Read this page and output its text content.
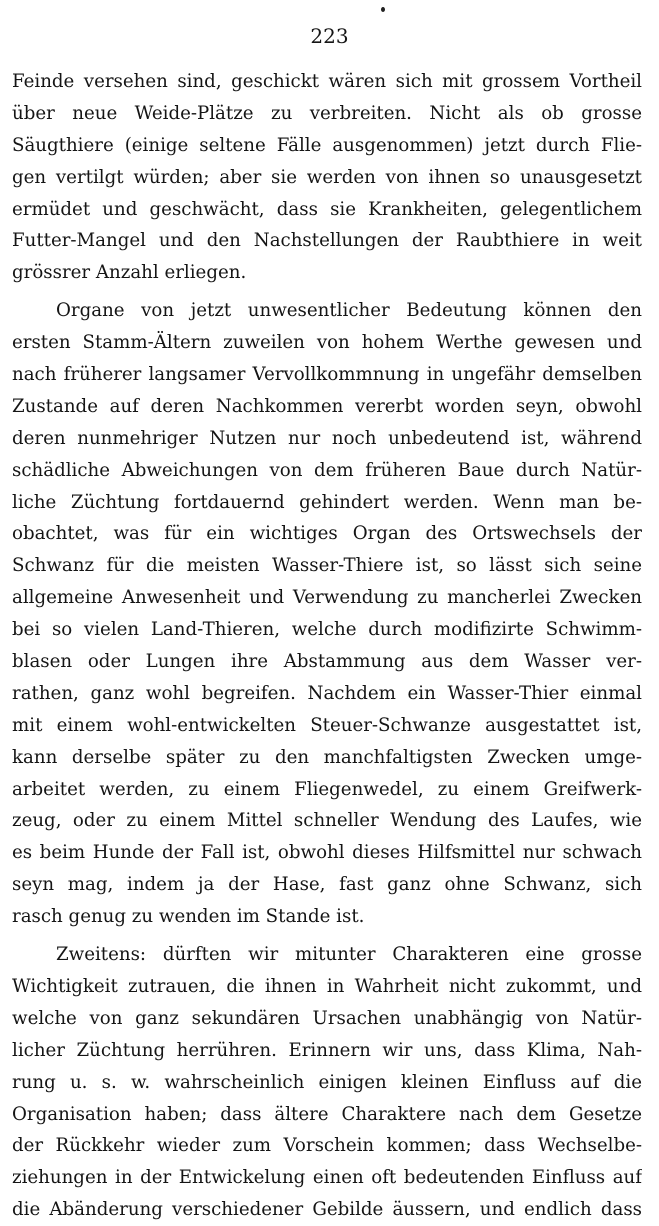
223
Feinde versehen sind, geschickt wären sich mit grossem Vortheil
über neue Weide-Plätze zu verbreiten. Nicht als ob grosse
Säugthiere (einige seltene Fälle ausgenommen) jetzt durch Flie-
gen vertilgt würden; aber sie werden von ihnen so unausgesetzt
ermüdet und geschwächt, dass sie Krankheiten, gelegentlichem
Futter-Mangel und den Nachstellungen der Raubthiere in weit
grössrer Anzahl erliegen.
Organe von jetzt unwesentlicher Bedeutung können den
ersten Stamm-Ältern zuweilen von hohem Werthe gewesen und
nach früherer langsamer Vervollkommnung in ungefähr demselben
Zustande auf deren Nachkommen vererbt worden seyn, obwohl
deren nunmehriger Nutzen nur noch unbedeutend ist, während
schädliche Abweichungen von dem früheren Baue durch Natür-
liche Züchtung fortdauernd gehindert werden. Wenn man be-
obachtet, was für ein wichtiges Organ des Ortswechsels der
Schwanz für die meisten Wasser-Thiere ist, so lässt sich seine
allgemeine Anwesenheit und Verwendung zu mancherlei Zwecken
bei so vielen Land-Thieren, welche durch modifizirte Schwimm-
blasen oder Lungen ihre Abstammung aus dem Wasser ver-
rathen, ganz wohl begreifen. Nachdem ein Wasser-Thier einmal
mit einem wohl-entwickelten Steuer-Schwanze ausgestattet ist,
kann derselbe später zu den manchfaltigsten Zwecken umge-
arbeitet werden, zu einem Fliegenwedel, zu einem Greifwerk-
zeug, oder zu einem Mittel schneller Wendung des Laufes, wie
es beim Hunde der Fall ist, obwohl dieses Hilfsmittel nur schwach
seyn mag, indem ja der Hase, fast ganz ohne Schwanz, sich
rasch genug zu wenden im Stande ist.
Zweitens: dürften wir mitunter Charakteren eine grosse
Wichtigkeit zutrauen, die ihnen in Wahrheit nicht zukommt, und
welche von ganz sekundären Ursachen unabhängig von Natür-
licher Züchtung herrühren. Erinnern wir uns, dass Klima, Nah-
rung u. s. w. wahrscheinlich einigen kleinen Einfluss auf die
Organisation haben; dass ältere Charaktere nach dem Gesetze
der Rückkehr wieder zum Vorschein kommen; dass Wechselbe-
ziehungen in der Entwickelung einen oft bedeutenden Einfluss auf
die Abänderung verschiedener Gebilde äussern, und endlich dass
